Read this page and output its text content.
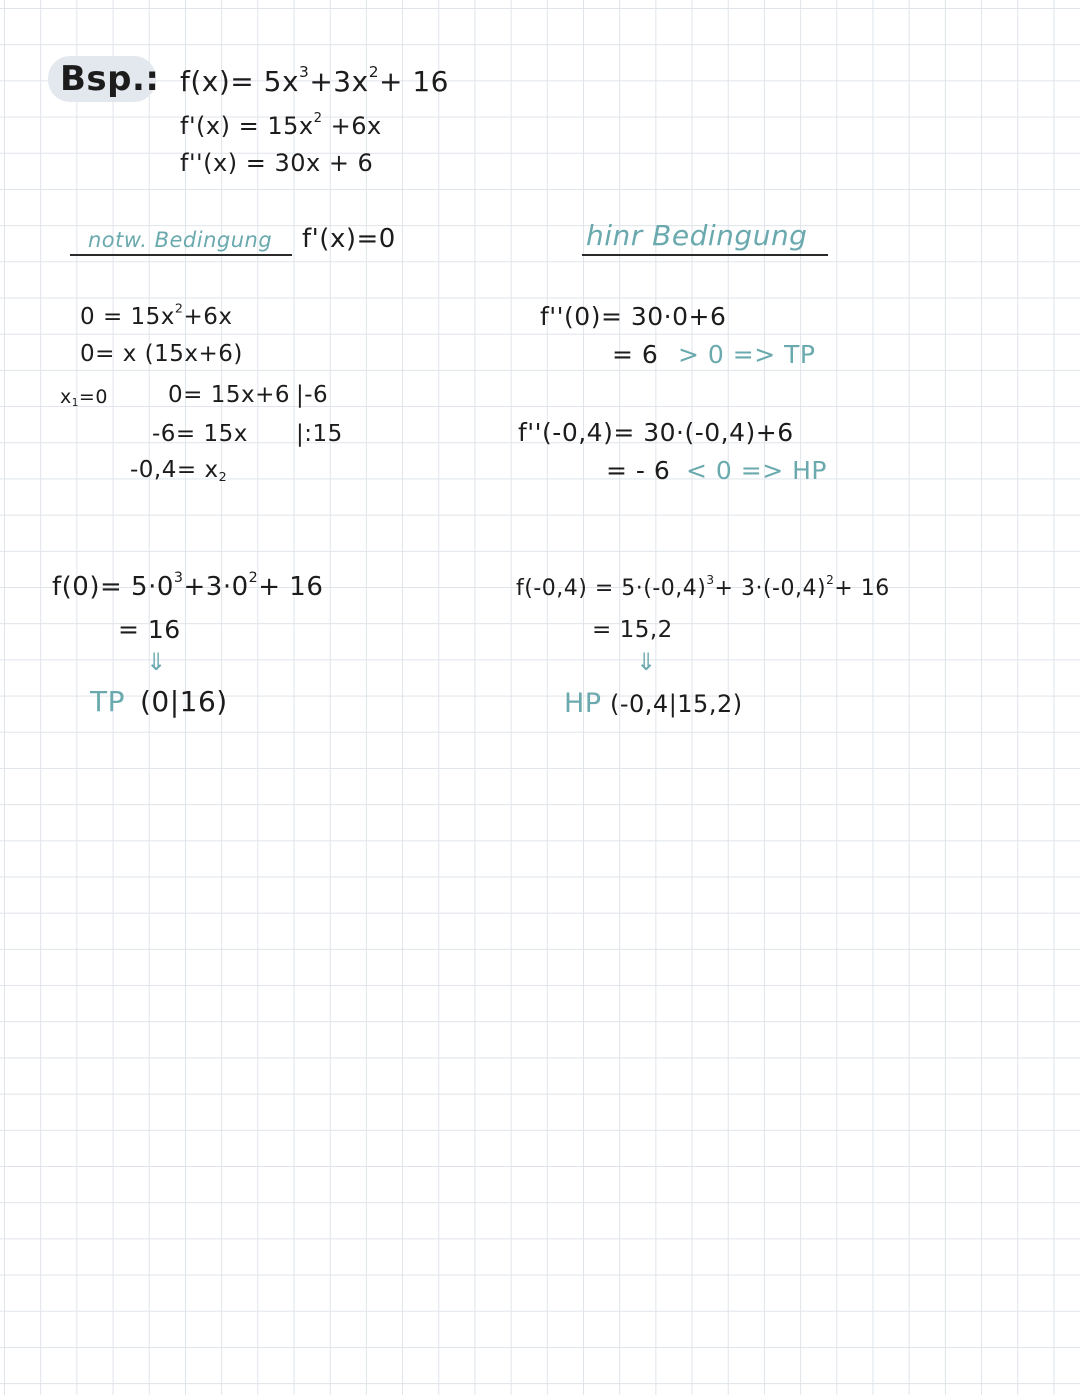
Bsp.: $f(x)= 5x^3+3x^2+ 16$
$f'(x) = 15x^2 +6x$
f''(x) = 30x + 6
notw. Bedingung f'(x)=0
$0 = 15x^2+6x$
0= x (15x+6)
$x_1=0$	0= 15x+6 |-6
-6= 15x |:15
$-0,4= x_2$
hinr Bedingung
f''(0)= 30·0+6
= 6 > 0 => TP
f''(-0,4)= 30·(-0,4)+6
= - 6 < 0 => HP
$f(0)= 5\cdot 0^3+3\cdot 0^2+ 16$
= 16
⇓
TP (0|16)
$f(-0,4) = 5\cdot(-0,4)^3+ 3\cdot(-0,4)^2+ 16$
= 15,2
⇓
HP (-0,4|15,2)
